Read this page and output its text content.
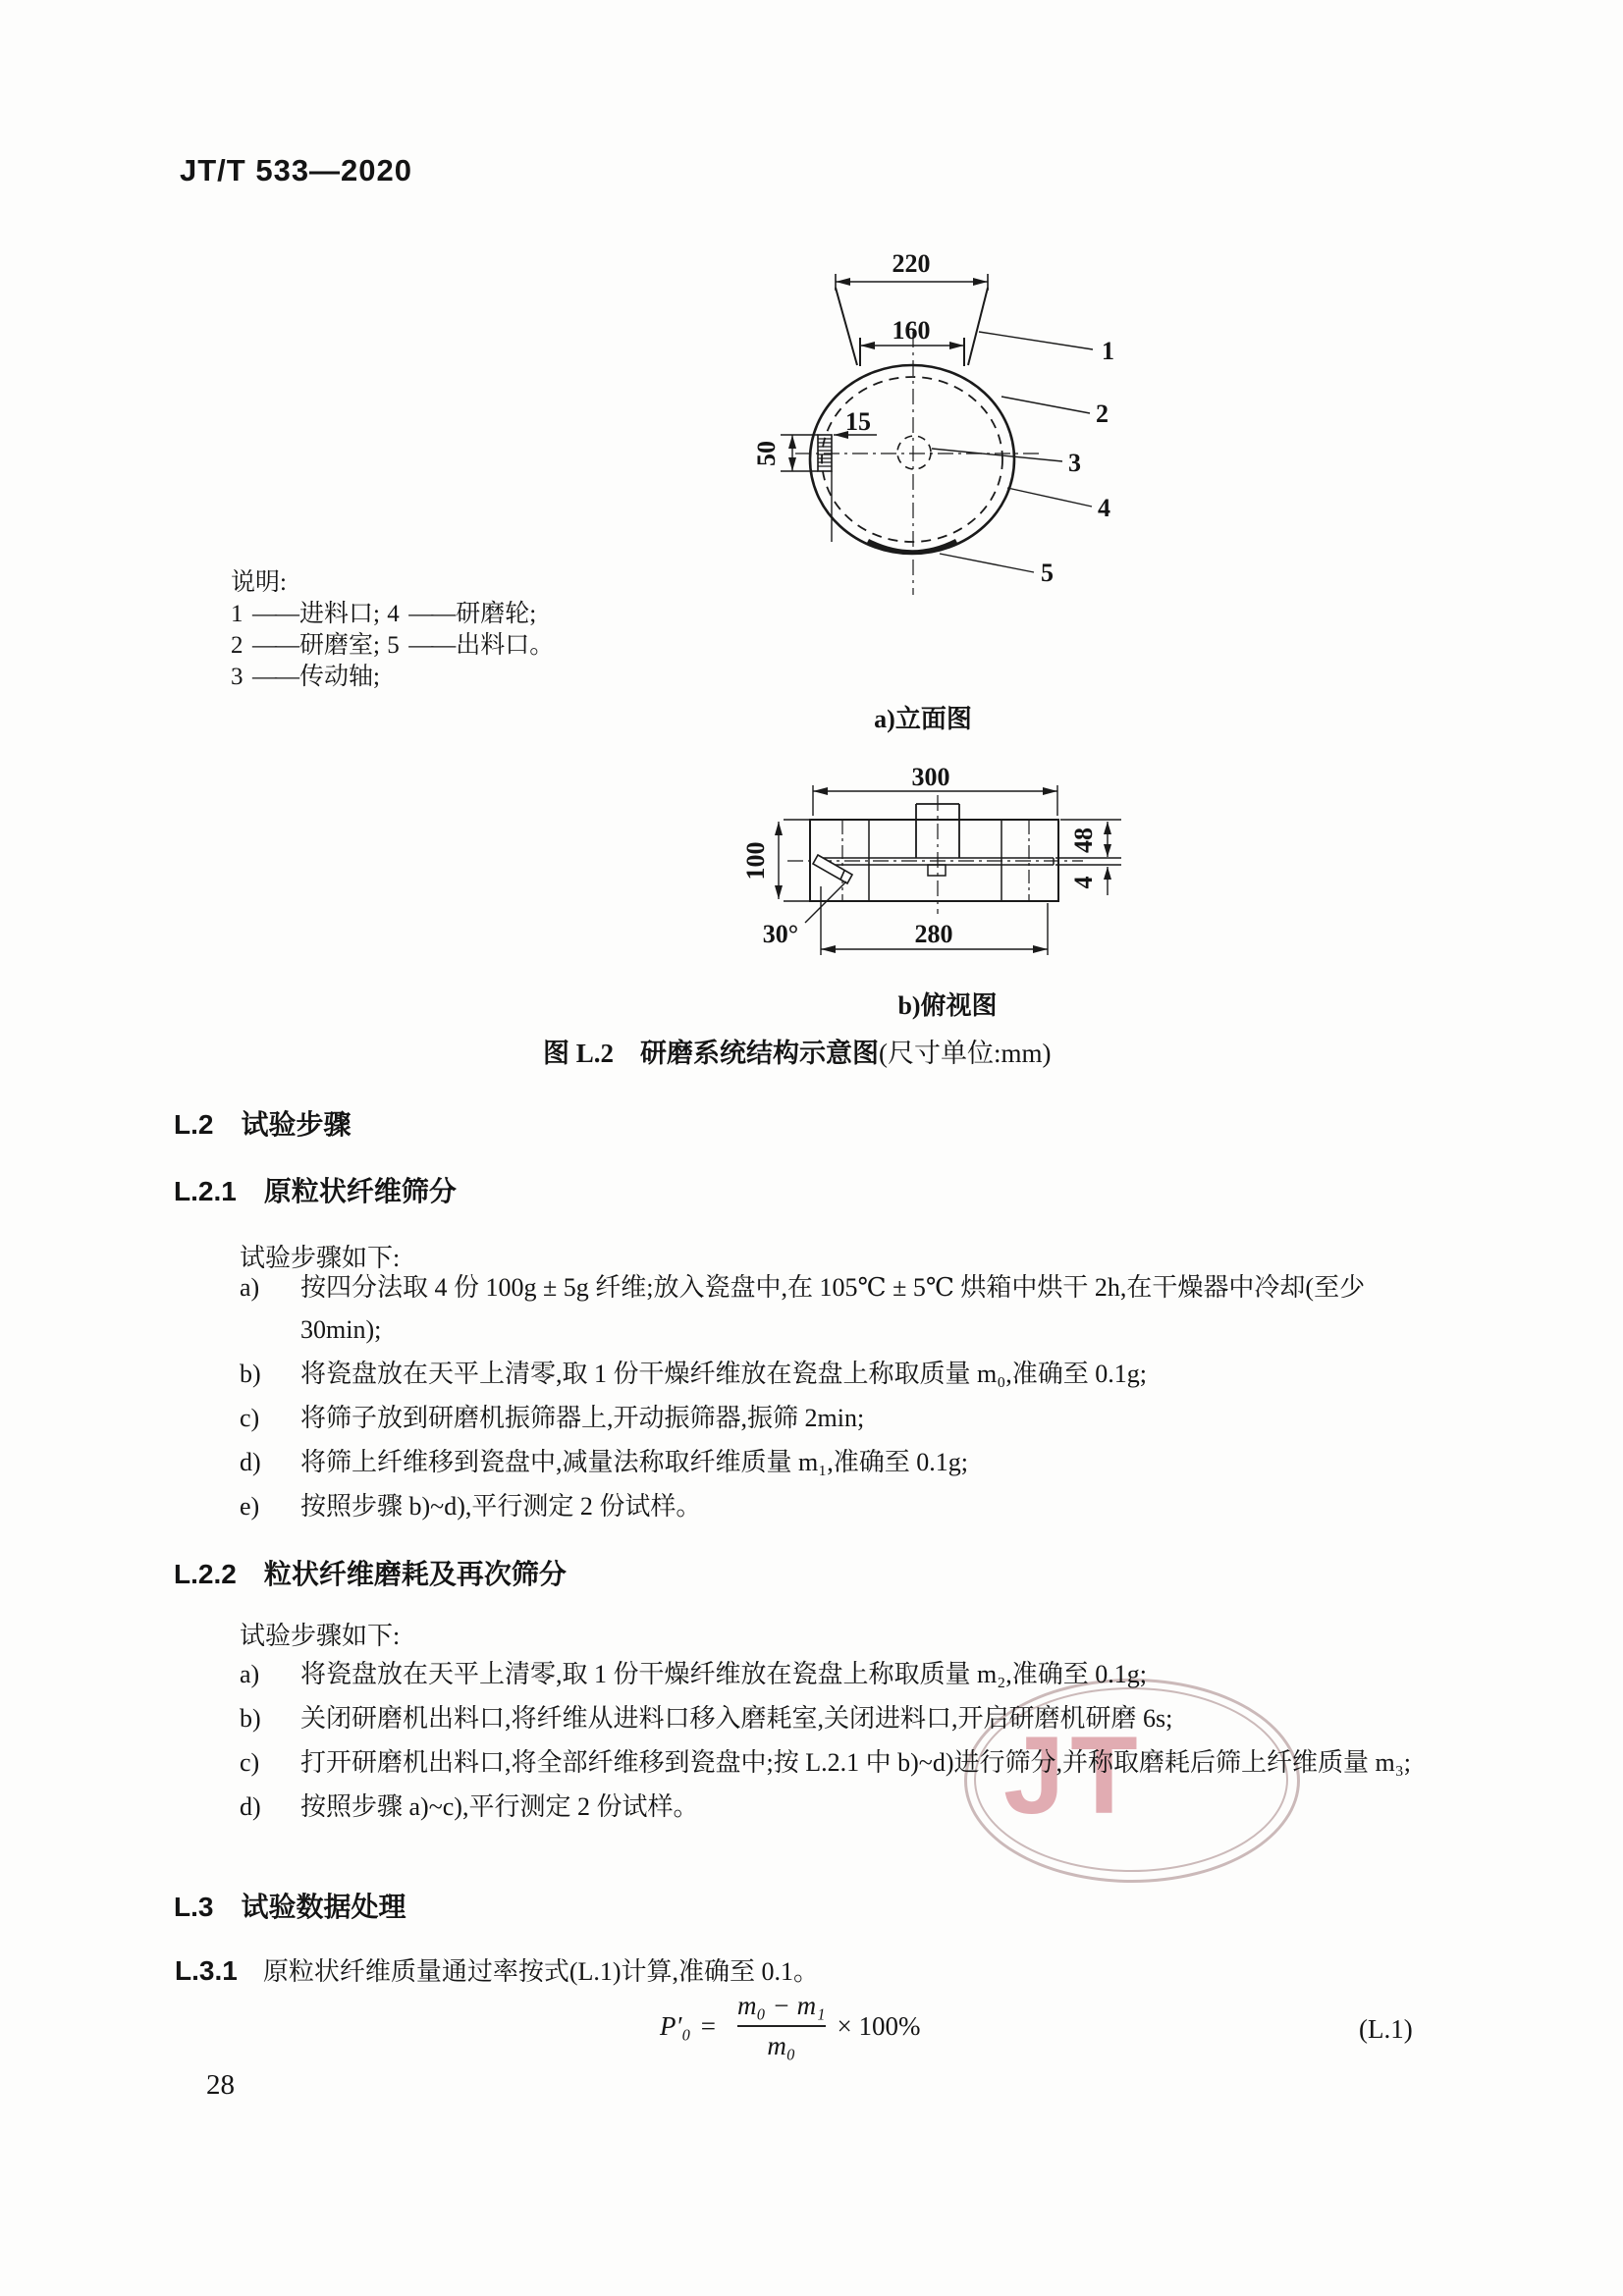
JT
JT/T 533—2020
220
160
15
50
1
2
3
4
5
说明:
1 ——进料口; 4 ——研磨轮;
2 ——研磨室; 5 ——出料口。
3 ——传动轴;
a)立面图
300
100
48
4
30°	280
b)俯视图
图 L.2  研磨系统结构示意图(尺寸单位:mm)
L.2 试验步骤
L.2.1 原粒状纤维筛分
试验步骤如下:
a)	按四分法取 4 份 100g ± 5g 纤维;放入瓷盘中,在 105℃ ± 5℃ 烘箱中烘干 2h,在干燥器中冷却(至少 30min);
b)	将瓷盘放在天平上清零,取 1 份干燥纤维放在瓷盘上称取质量 m₀,准确至 0.1g;
c)	将筛子放到研磨机振筛器上,开动振筛器,振筛 2min;
d)	将筛上纤维移到瓷盘中,减量法称取纤维质量 m₁,准确至 0.1g;
e)	按照步骤 b)~d),平行测定 2 份试样。
L.2.2 粒状纤维磨耗及再次筛分
试验步骤如下:
a)	将瓷盘放在天平上清零,取 1 份干燥纤维放在瓷盘上称取质量 m₂,准确至 0.1g;
b)	关闭研磨机出料口,将纤维从进料口移入磨耗室,关闭进料口,开启研磨机研磨 6s;
c)	打开研磨机出料口,将全部纤维移到瓷盘中;按 L.2.1 中 b)~d)进行筛分,并称取磨耗后筛上纤维质量 m₃;
d)	按照步骤 a)~c),平行测定 2 份试样。
L.3 试验数据处理
L.3.1 原粒状纤维质量通过率按式(L.1)计算,准确至 0.1。
$P'_0 = \frac{\text{m₀ − m₁}}{\text{m₀}} \times 100\%$	(L.1)
28
